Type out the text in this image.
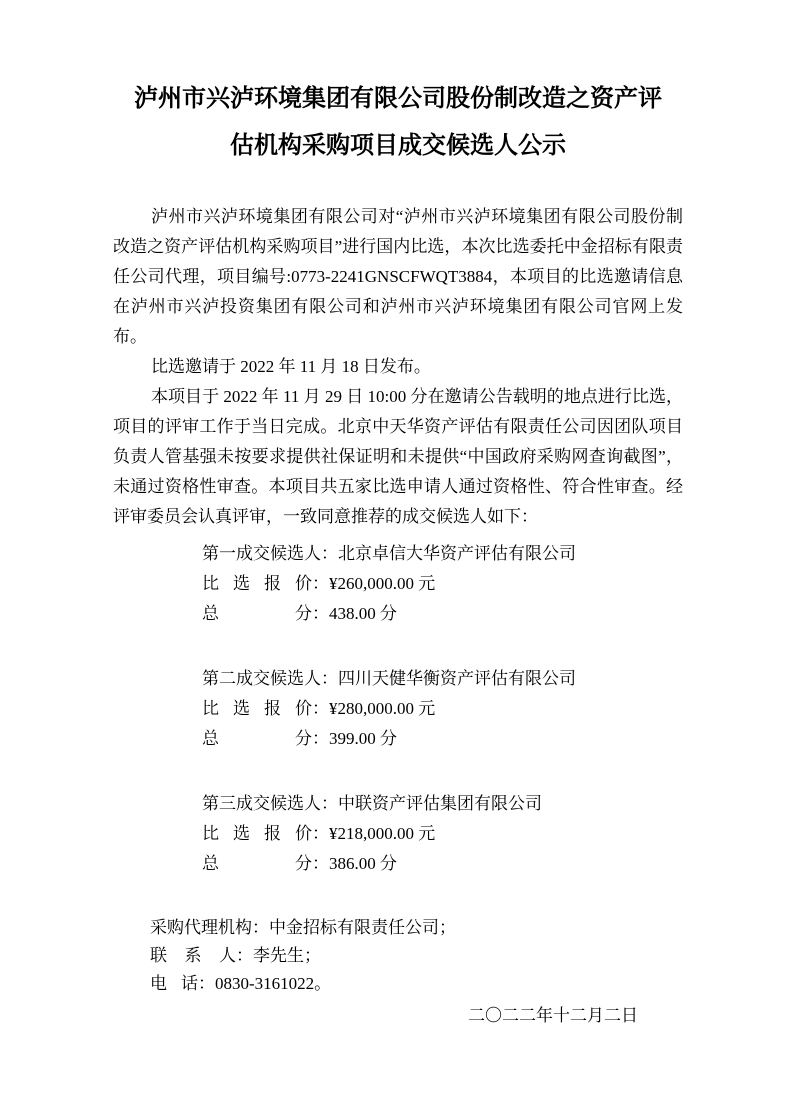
泸州市兴泸环境集团有限公司股份制改造之资产评
估机构采购项目成交候选人公示

泸州市兴泸环境集团有限公司对“泸州市兴泸环境集团有限公司股份制改造之资产评估机构采购项目”进行国内比选，本次比选委托中金招标有限责任公司代理，项目编号:0773-2241GNSCFWQT3884，本项目的比选邀请信息在泸州市兴泸投资集团有限公司和泸州市兴泸环境集团有限公司官网上发布。

比选邀请于 2022 年 11 月 18 日发布。

本项目于 2022 年 11 月 29 日 10:00 分在邀请公告载明的地点进行比选，项目的评审工作于当日完成。北京中天华资产评估有限责任公司因团队项目负责人管基强未按要求提供社保证明和未提供“中国政府采购网查询截图”，未通过资格性审查。本项目共五家比选申请人通过资格性、符合性审查。经评审委员会认真评审，一致同意推荐的成交候选人如下：

第一成交候选人：北京卓信大华资产评估有限公司

比选报价：¥260,000.00 元

总分：438.00 分

第二成交候选人：四川天健华衡资产评估有限公司

比选报价：¥280,000.00 元

总分：399.00 分

第三成交候选人：中联资产评估集团有限公司

比选报价：¥218,000.00 元

总分：386.00 分

采购代理机构：中金招标有限责任公司；

联系人：李先生；

电话：0830-3161022。

二〇二二年十二月二日
